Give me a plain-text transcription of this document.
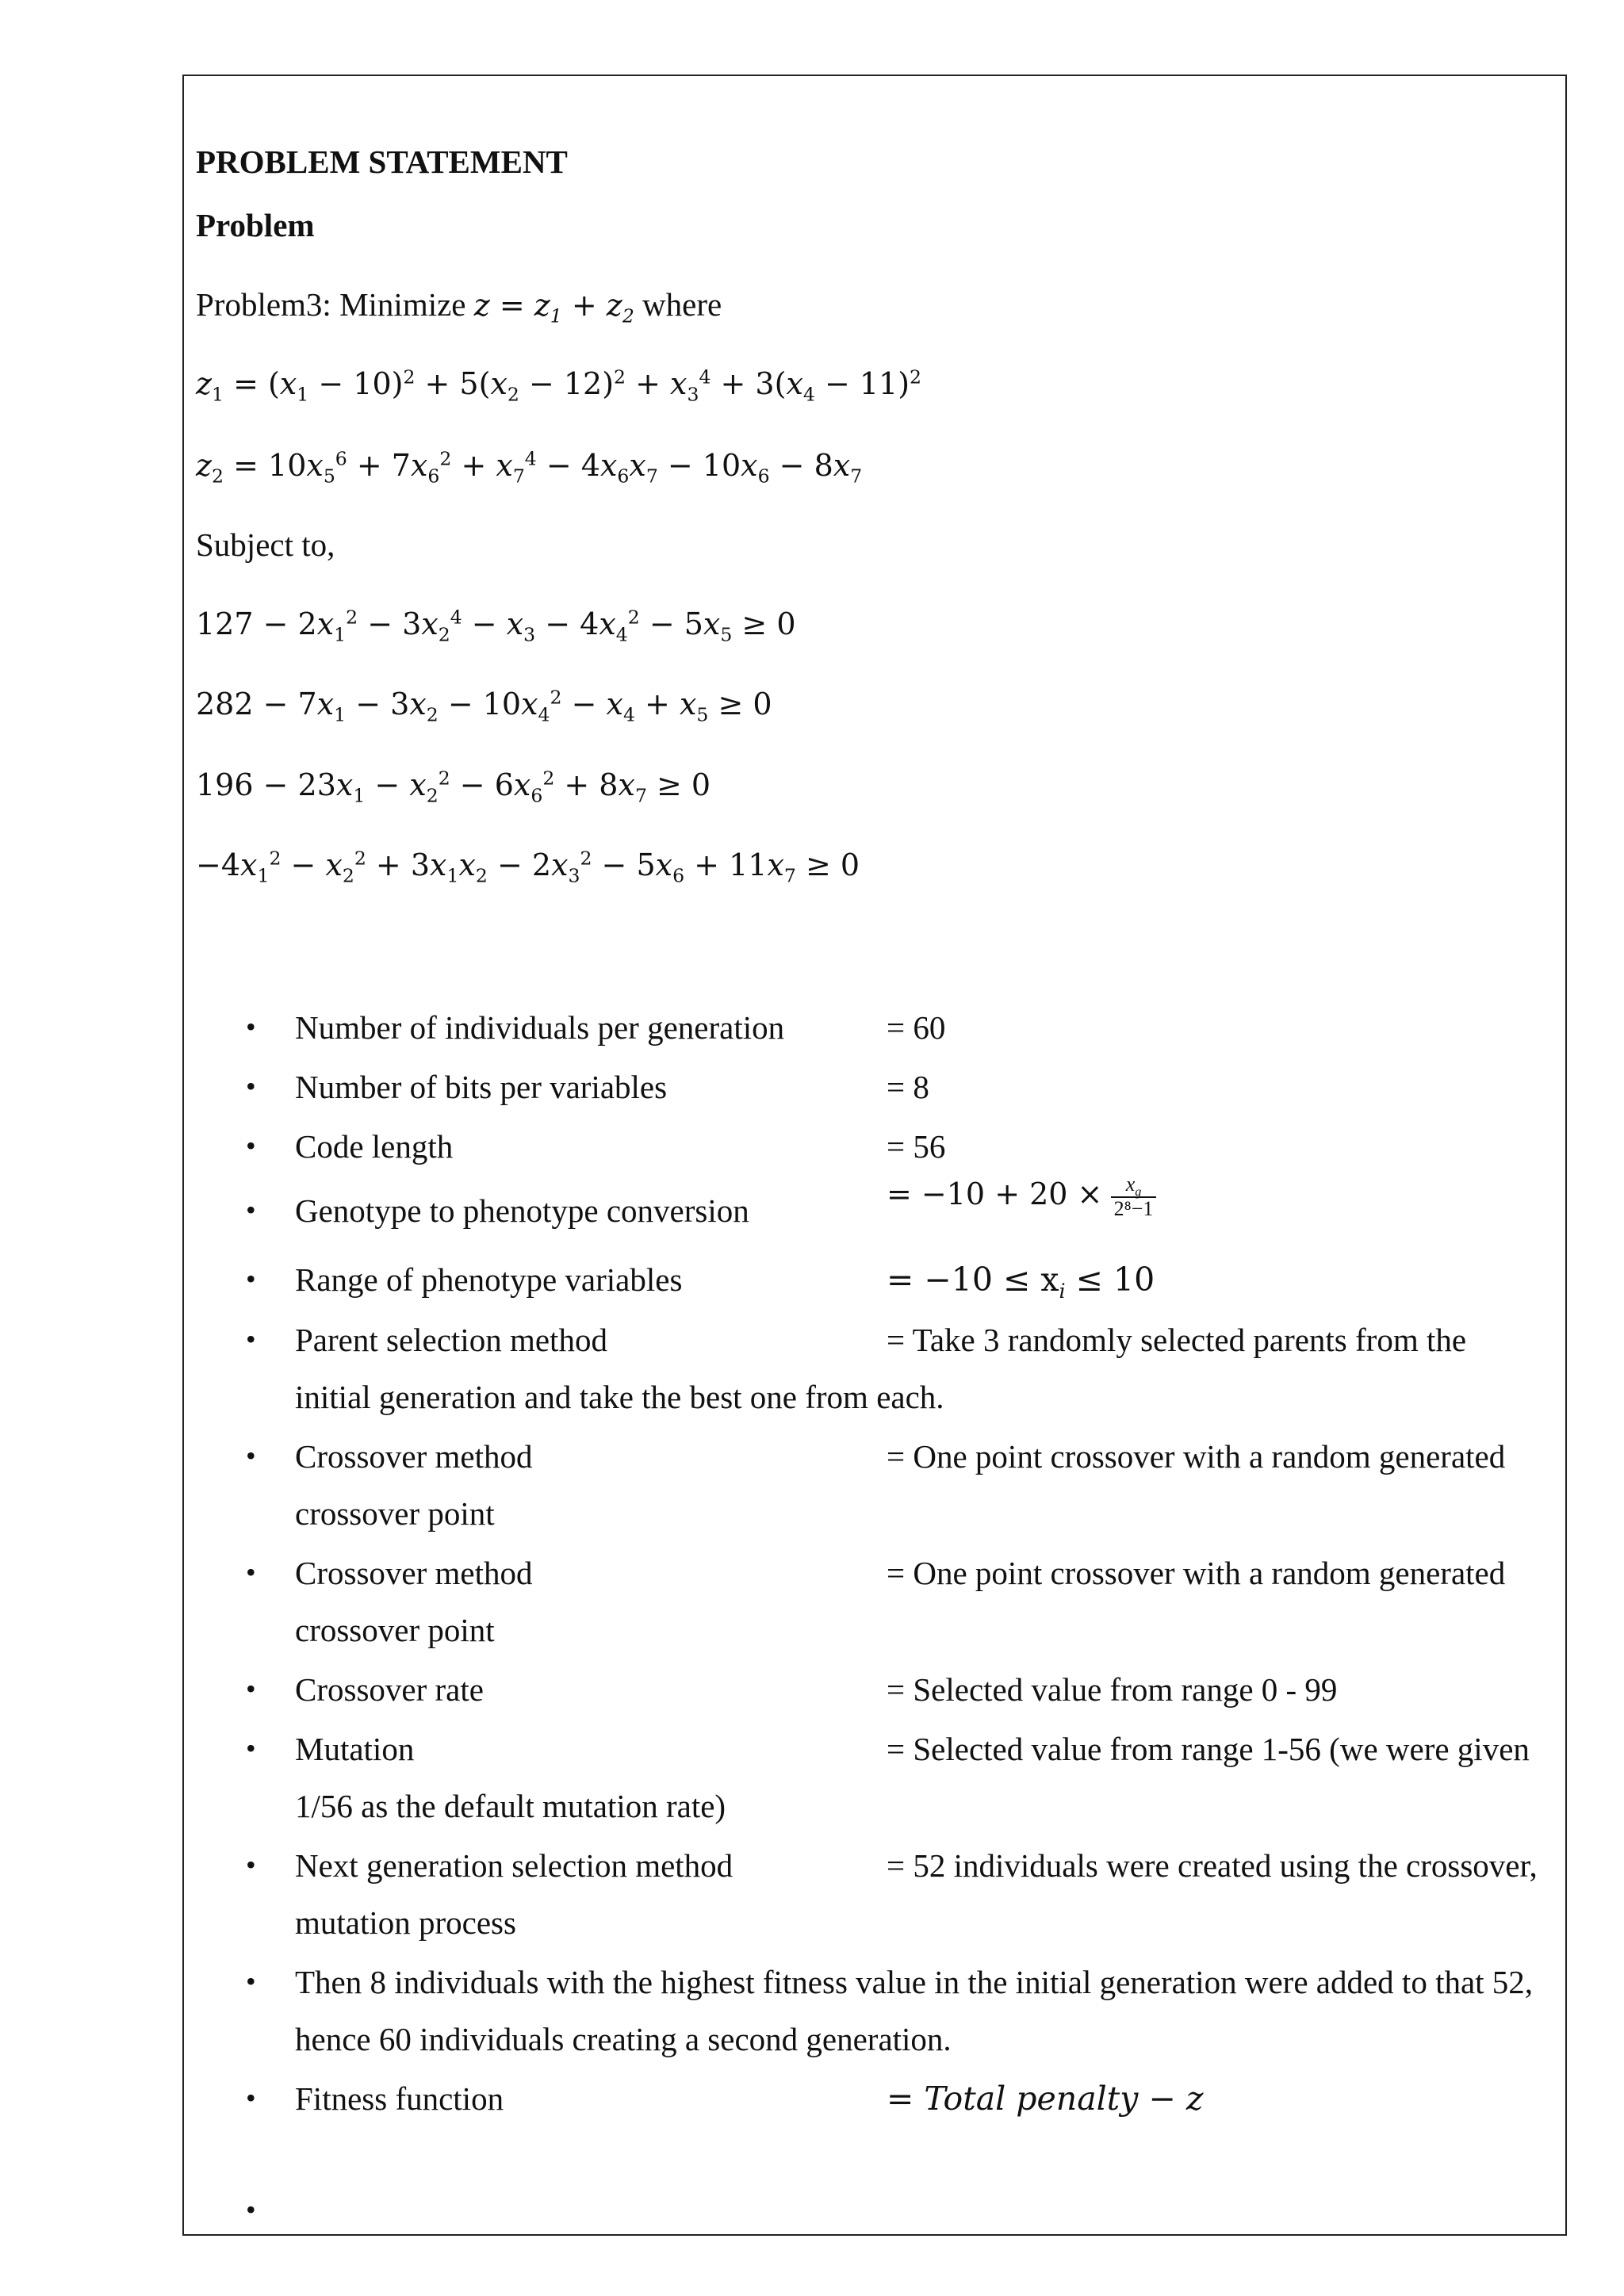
PROBLEM STATEMENT
Problem
Problem3: Minimize $z = z_1 + z_2$ where
$z_1 = (x_1 - 10)^2 + 5(x_2 - 12)^2 + x_3^4 + 3(x_4 - 11)^2$
$z_2 = 10x_5^6 + 7x_6^2 + x_7^4 - 4x_6x_7 - 10x_6 - 8x_7$
Subject to,
$127 - 2x_1^2 - 3x_2^4 - x_3 - 4x_4^2 - 5x_5 \ge 0$
$282 - 7x_1 - 3x_2 - 10x_4^2 - x_4 + x_5 \ge 0$
$196 - 23x_1 - x_2^2 - 6x_6^2 + 8x_7 \ge 0$
$-4x_1^2 - x_2^2 + 3x_1x_2 - 2x_3^2 - 5x_6 + 11x_7 \ge 0$
• Number of individuals per generation	= 60
• Number of bits per variables	= 8
• Code length	= 56
• Genotype to phenotype conversion	= $-10 + 20 \times \frac{x_g}{\text{2⁸−1}}$
• Range of phenotype variables	= $-10 \le x_i \le 10$
• Parent selection method	= Take 3 randomly selected parents from the
initial generation and take the best one from each.
• Crossover method	= One point crossover with a random generated
crossover point
• Crossover method	= One point crossover with a random generated
crossover point
• Crossover rate	= Selected value from range 0 - 99
• Mutation	= Selected value from range 1-56 (we were given
1/56 as the default mutation rate)
• Next generation selection method	= 52 individuals were created using the crossover,
mutation process
• Then 8 individuals with the highest fitness value in the initial generation were added to that 52,
hence 60 individuals creating a second generation.
• Fitness function	= Total penalty − z
•
